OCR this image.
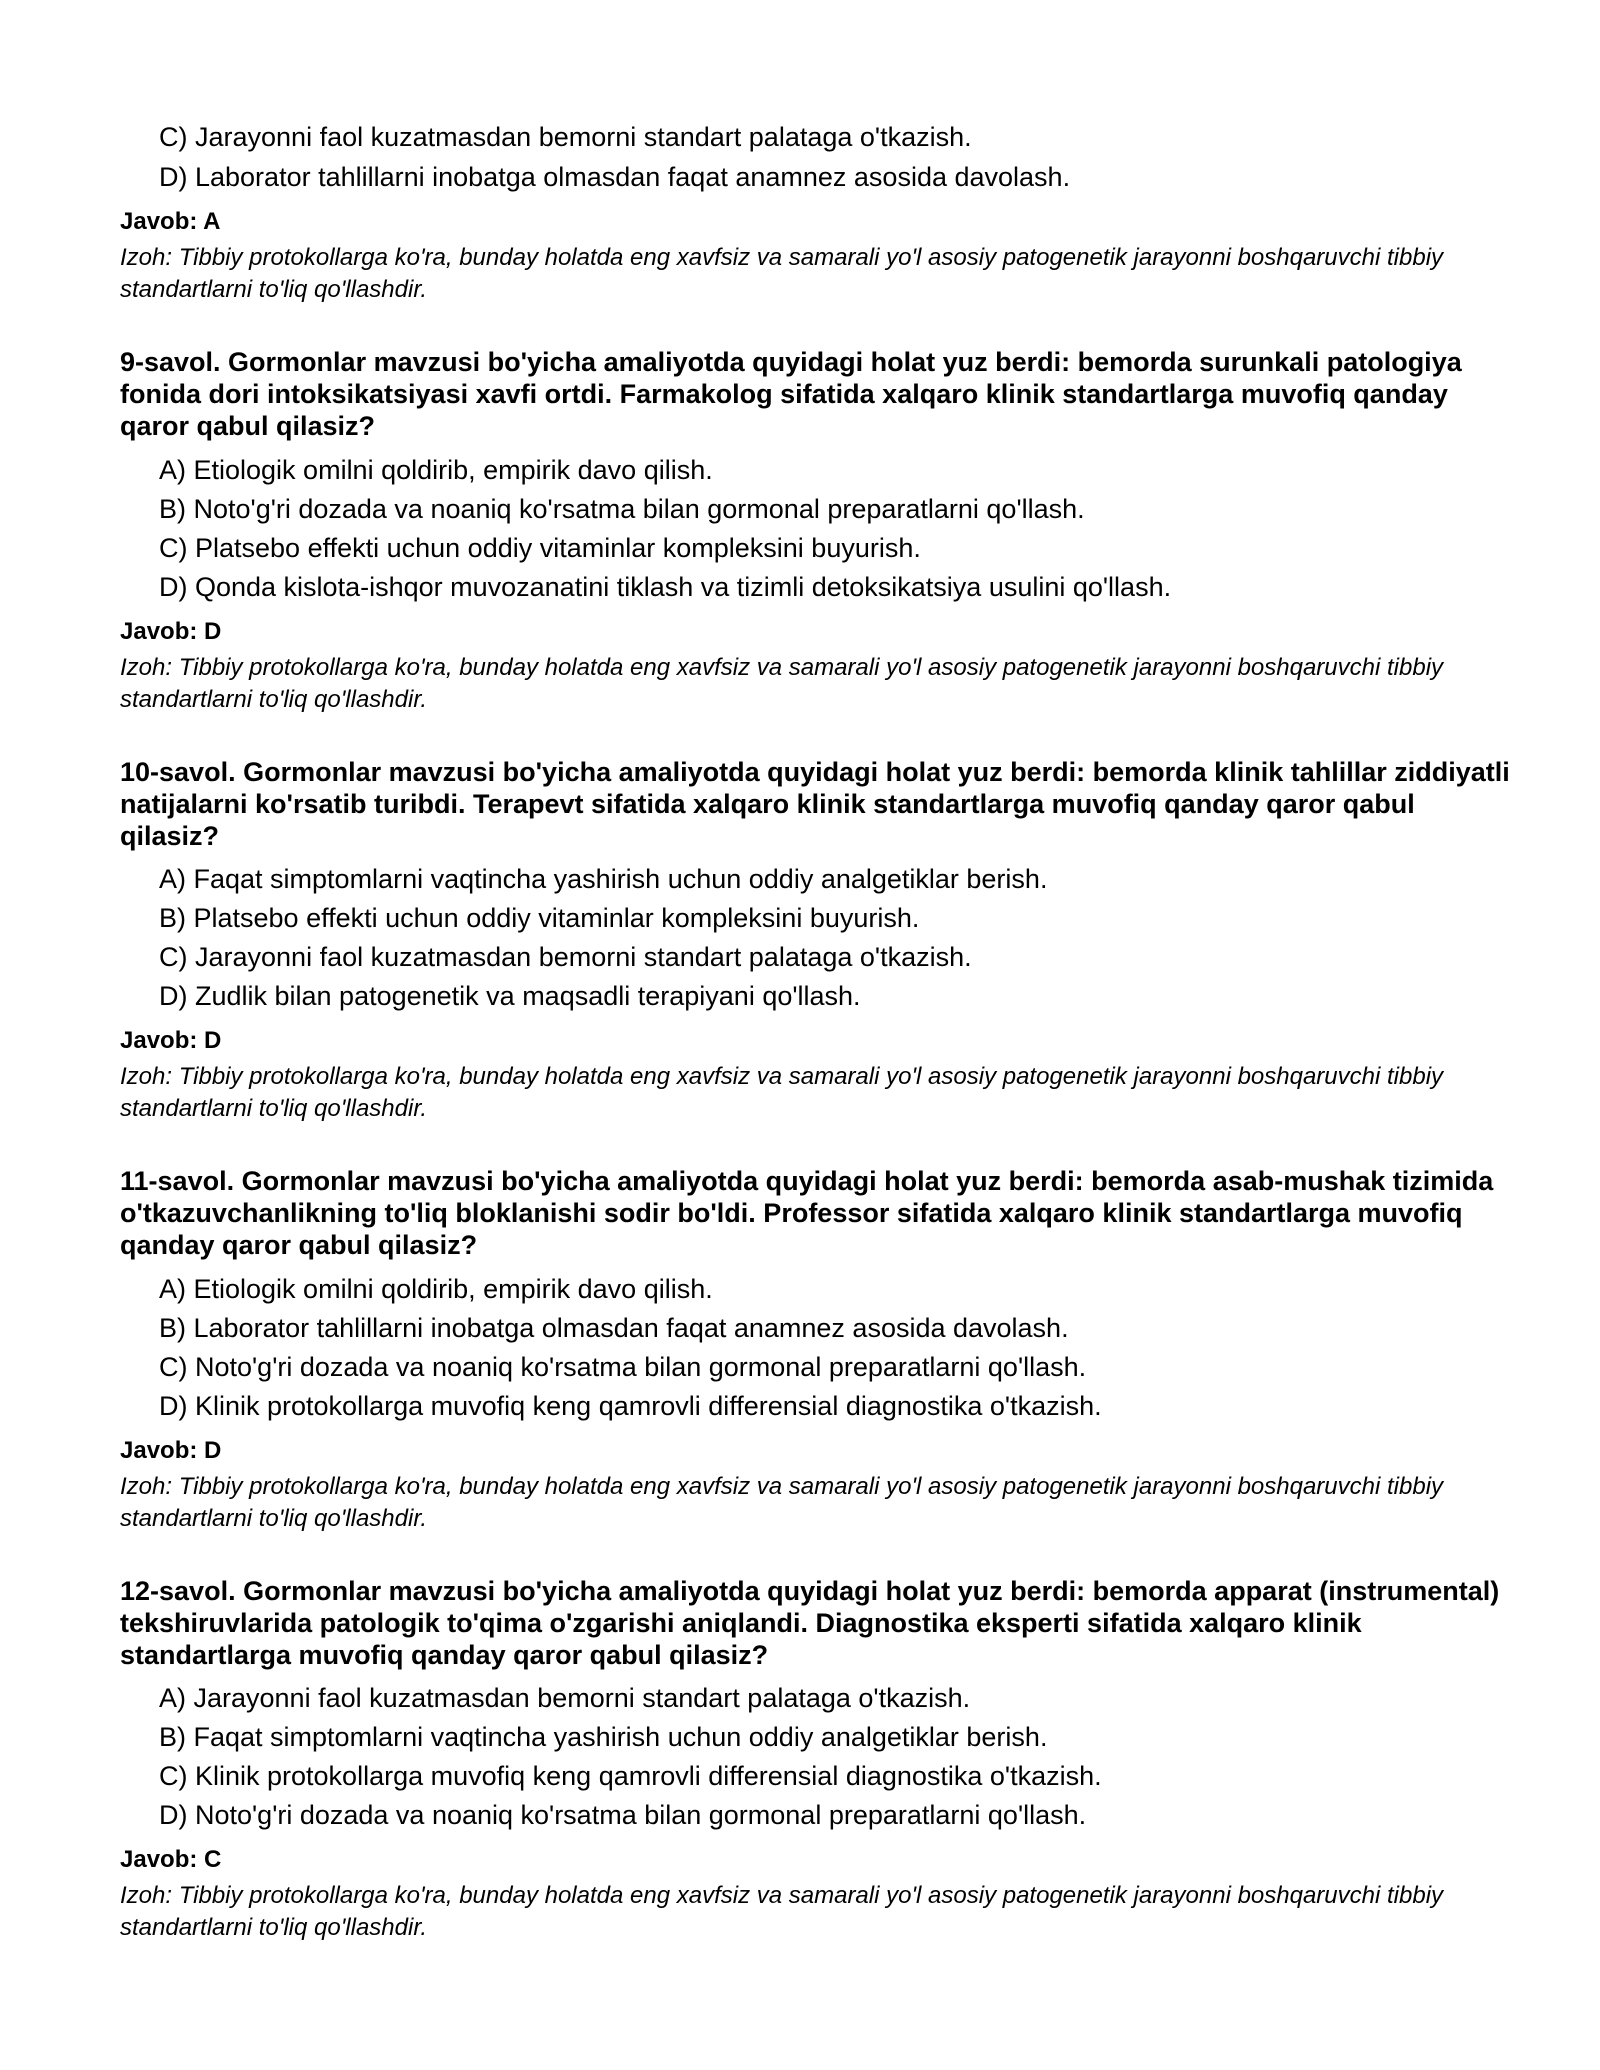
C) Jarayonni faol kuzatmasdan bemorni standart palataga o'tkazish.
D) Laborator tahlillarni inobatga olmasdan faqat anamnez asosida davolash.
Javob: A
Izoh: Tibbiy protokollarga ko'ra, bunday holatda eng xavfsiz va samarali yo'l asosiy patogenetik jarayonni boshqaruvchi tibbiy standartlarni to'liq qo'llashdir.
9-savol. Gormonlar mavzusi bo'yicha amaliyotda quyidagi holat yuz berdi: bemorda surunkali patologiya fonida dori intoksikatsiyasi xavfi ortdi. Farmakolog sifatida xalqaro klinik standartlarga muvofiq qanday qaror qabul qilasiz?
A) Etiologik omilni qoldirib, empirik davo qilish.
B) Noto'g'ri dozada va noaniq ko'rsatma bilan gormonal preparatlarni qo'llash.
C) Platsebo effekti uchun oddiy vitaminlar kompleksini buyurish.
D) Qonda kislota-ishqor muvozanatini tiklash va tizimli detoksikatsiya usulini qo'llash.
Javob: D
Izoh: Tibbiy protokollarga ko'ra, bunday holatda eng xavfsiz va samarali yo'l asosiy patogenetik jarayonni boshqaruvchi tibbiy standartlarni to'liq qo'llashdir.
10-savol. Gormonlar mavzusi bo'yicha amaliyotda quyidagi holat yuz berdi: bemorda klinik tahlillar ziddiyatli natijalarni ko'rsatib turibdi. Terapevt sifatida xalqaro klinik standartlarga muvofiq qanday qaror qabul qilasiz?
A) Faqat simptomlarni vaqtincha yashirish uchun oddiy analgetiklar berish.
B) Platsebo effekti uchun oddiy vitaminlar kompleksini buyurish.
C) Jarayonni faol kuzatmasdan bemorni standart palataga o'tkazish.
D) Zudlik bilan patogenetik va maqsadli terapiyani qo'llash.
Javob: D
Izoh: Tibbiy protokollarga ko'ra, bunday holatda eng xavfsiz va samarali yo'l asosiy patogenetik jarayonni boshqaruvchi tibbiy standartlarni to'liq qo'llashdir.
11-savol. Gormonlar mavzusi bo'yicha amaliyotda quyidagi holat yuz berdi: bemorda asab-mushak tizimida o'tkazuvchanlikning to'liq bloklanishi sodir bo'ldi. Professor sifatida xalqaro klinik standartlarga muvofiq qanday qaror qabul qilasiz?
A) Etiologik omilni qoldirib, empirik davo qilish.
B) Laborator tahlillarni inobatga olmasdan faqat anamnez asosida davolash.
C) Noto'g'ri dozada va noaniq ko'rsatma bilan gormonal preparatlarni qo'llash.
D) Klinik protokollarga muvofiq keng qamrovli differensial diagnostika o'tkazish.
Javob: D
Izoh: Tibbiy protokollarga ko'ra, bunday holatda eng xavfsiz va samarali yo'l asosiy patogenetik jarayonni boshqaruvchi tibbiy standartlarni to'liq qo'llashdir.
12-savol. Gormonlar mavzusi bo'yicha amaliyotda quyidagi holat yuz berdi: bemorda apparat (instrumental) tekshiruvlarida patologik to'qima o'zgarishi aniqlandi. Diagnostika eksperti sifatida xalqaro klinik standartlarga muvofiq qanday qaror qabul qilasiz?
A) Jarayonni faol kuzatmasdan bemorni standart palataga o'tkazish.
B) Faqat simptomlarni vaqtincha yashirish uchun oddiy analgetiklar berish.
C) Klinik protokollarga muvofiq keng qamrovli differensial diagnostika o'tkazish.
D) Noto'g'ri dozada va noaniq ko'rsatma bilan gormonal preparatlarni qo'llash.
Javob: C
Izoh: Tibbiy protokollarga ko'ra, bunday holatda eng xavfsiz va samarali yo'l asosiy patogenetik jarayonni boshqaruvchi tibbiy standartlarni to'liq qo'llashdir.
